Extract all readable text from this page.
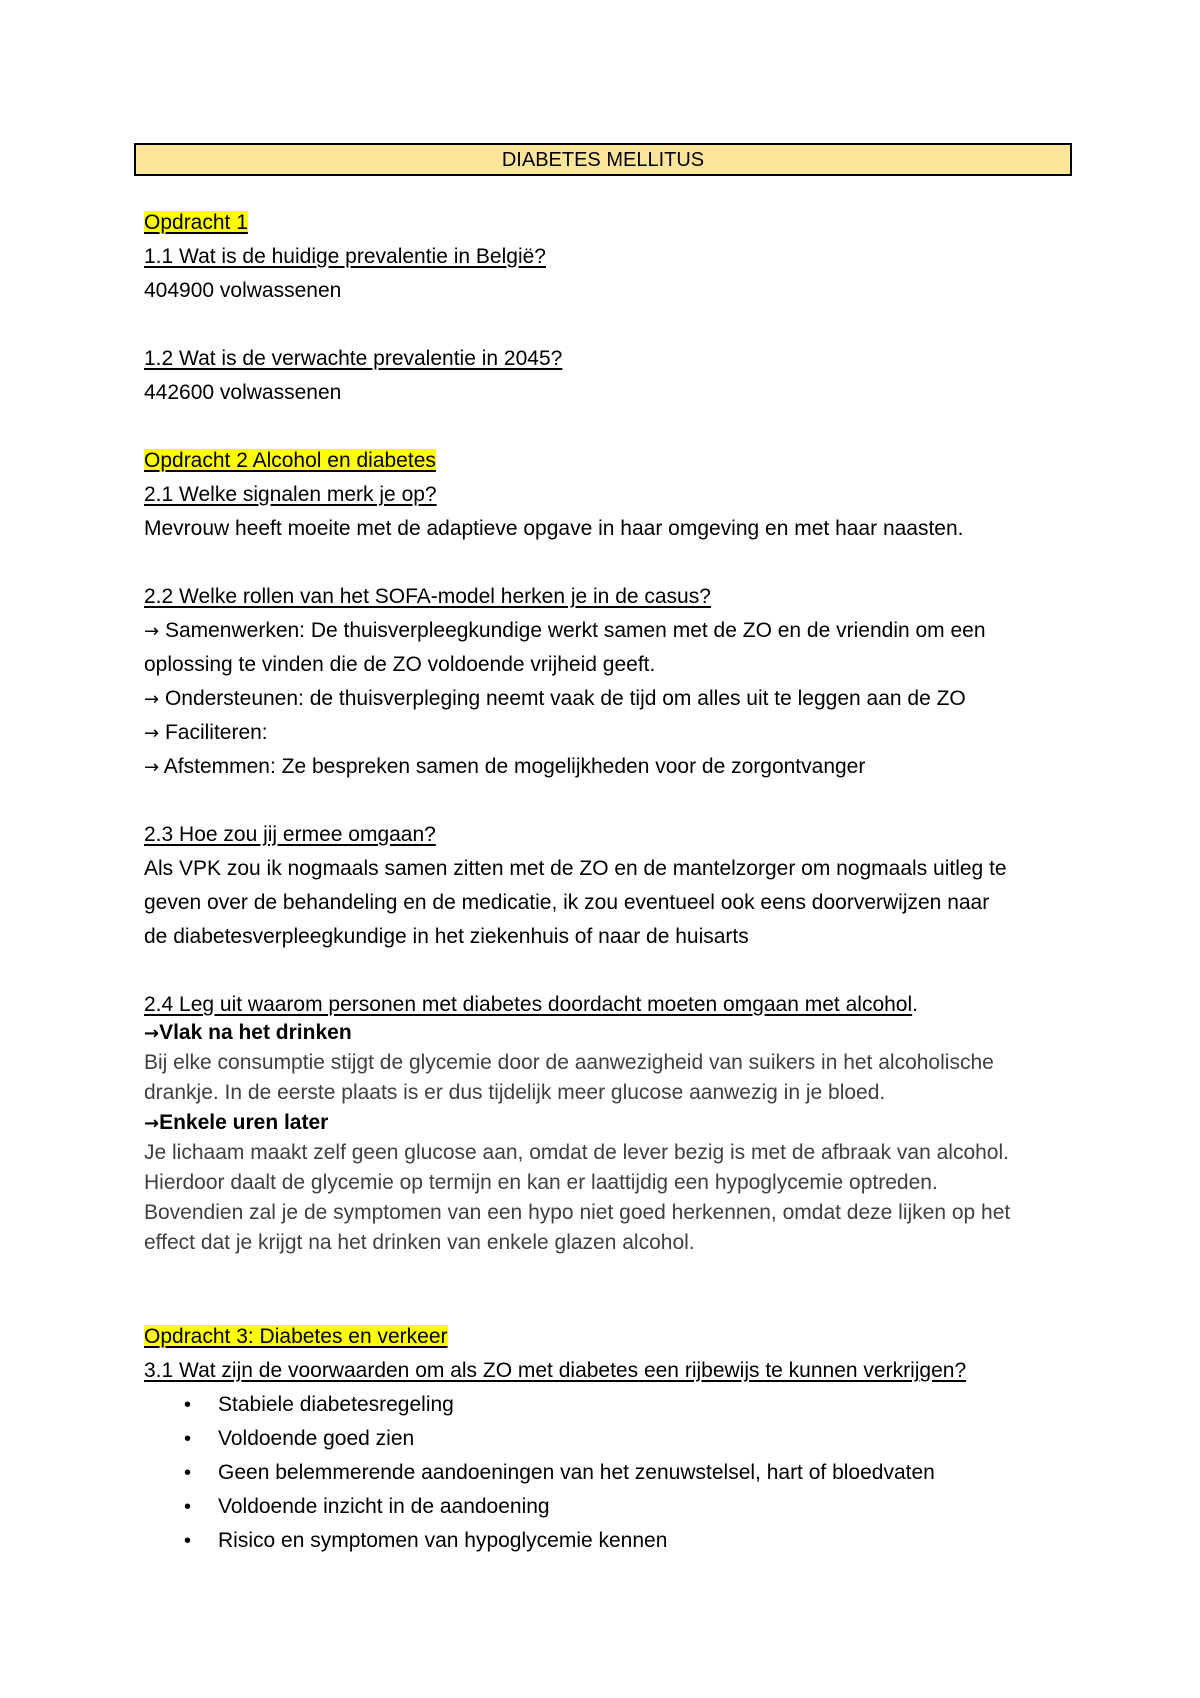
DIABETES MELLITUS
Opdracht 1
1.1 Wat is de huidige prevalentie in België?
404900 volwassenen
1.2 Wat is de verwachte prevalentie in 2045?
442600 volwassenen
Opdracht 2 Alcohol en diabetes
2.1 Welke signalen merk je op?
Mevrouw heeft moeite met de adaptieve opgave in haar omgeving en met haar naasten.
2.2 Welke rollen van het SOFA-model herken je in de casus?
→ Samenwerken: De thuisverpleegkundige werkt samen met de ZO en de vriendin om een
oplossing te vinden die de ZO voldoende vrijheid geeft.
→ Ondersteunen: de thuisverpleging neemt vaak de tijd om alles uit te leggen aan de ZO
→ Faciliteren:
→ Afstemmen: Ze bespreken samen de mogelijkheden voor de zorgontvanger
2.3 Hoe zou jij ermee omgaan?
Als VPK zou ik nogmaals samen zitten met de ZO en de mantelzorger om nogmaals uitleg te
geven over de behandeling en de medicatie, ik zou eventueel ook eens doorverwijzen naar
de diabetesverpleegkundige in het ziekenhuis of naar de huisarts
2.4 Leg uit waarom personen met diabetes doordacht moeten omgaan met alcohol.
→Vlak na het drinken
Bij elke consumptie stijgt de glycemie door de aanwezigheid van suikers in het alcoholische
drankje. In de eerste plaats is er dus tijdelijk meer glucose aanwezig in je bloed.
→Enkele uren later
Je lichaam maakt zelf geen glucose aan, omdat de lever bezig is met de afbraak van alcohol.
Hierdoor daalt de glycemie op termijn en kan er laattijdig een hypoglycemie optreden.
Bovendien zal je de symptomen van een hypo niet goed herkennen, omdat deze lijken op het
effect dat je krijgt na het drinken van enkele glazen alcohol.
Opdracht 3: Diabetes en verkeer
3.1 Wat zijn de voorwaarden om als ZO met diabetes een rijbewijs te kunnen verkrijgen?
• Stabiele diabetesregeling
• Voldoende goed zien
• Geen belemmerende aandoeningen van het zenuwstelsel, hart of bloedvaten
• Voldoende inzicht in de aandoening
• Risico en symptomen van hypoglycemie kennen
